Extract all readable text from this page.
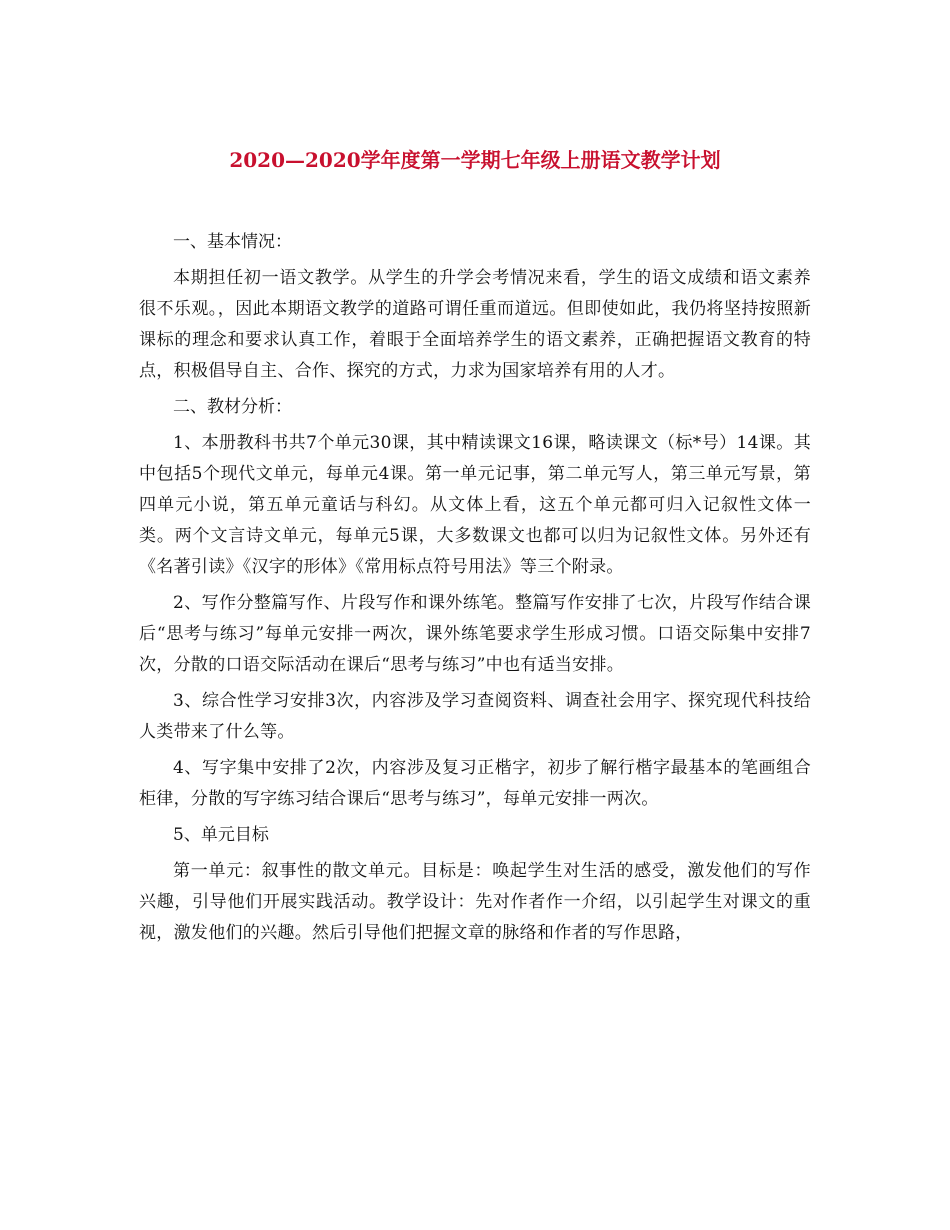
2020—2020学年度第一学期七年级上册语文教学计划

一、基本情况：

本期担任初一语文教学。从学生的升学会考情况来看，学生的语文成绩和语文素养很不乐观。，因此本期语文教学的道路可谓任重而道远。但即使如此，我仍将坚持按照新课标的理念和要求认真工作，着眼于全面培养学生的语文素养，正确把握语文教育的特点，积极倡导自主、合作、探究的方式，力求为国家培养有用的人才。

二、教材分析：

1、本册教科书共7个单元30课，其中精读课文16课，略读课文（标*号）14课。其中包括5个现代文单元，每单元4课。第一单元记事，第二单元写人，第三单元写景，第四单元小说，第五单元童话与科幻。从文体上看，这五个单元都可归入记叙性文体一类。两个文言诗文单元，每单元5课，大多数课文也都可以归为记叙性文体。另外还有《名著引读》《汉字的形体》《常用标点符号用法》等三个附录。

2、写作分整篇写作、片段写作和课外练笔。整篇写作安排了七次，片段写作结合课后“思考与练习”每单元安排一两次，课外练笔要求学生形成习惯。口语交际集中安排7次，分散的口语交际活动在课后“思考与练习”中也有适当安排。

3、综合性学习安排3次，内容涉及学习查阅资料、调查社会用字、探究现代科技给人类带来了什么等。

4、写字集中安排了2次，内容涉及复习正楷字，初步了解行楷字最基本的笔画组合柜律，分散的写字练习结合课后“思考与练习”，每单元安排一两次。

5、单元目标

第一单元：叙事性的散文单元。目标是：唤起学生对生活的感受，激发他们的写作兴趣，引导他们开展实践活动。教学设计：先对作者作一介绍，以引起学生对课文的重视，激发他们的兴趣。然后引导他们把握文章的脉络和作者的写作思路，
